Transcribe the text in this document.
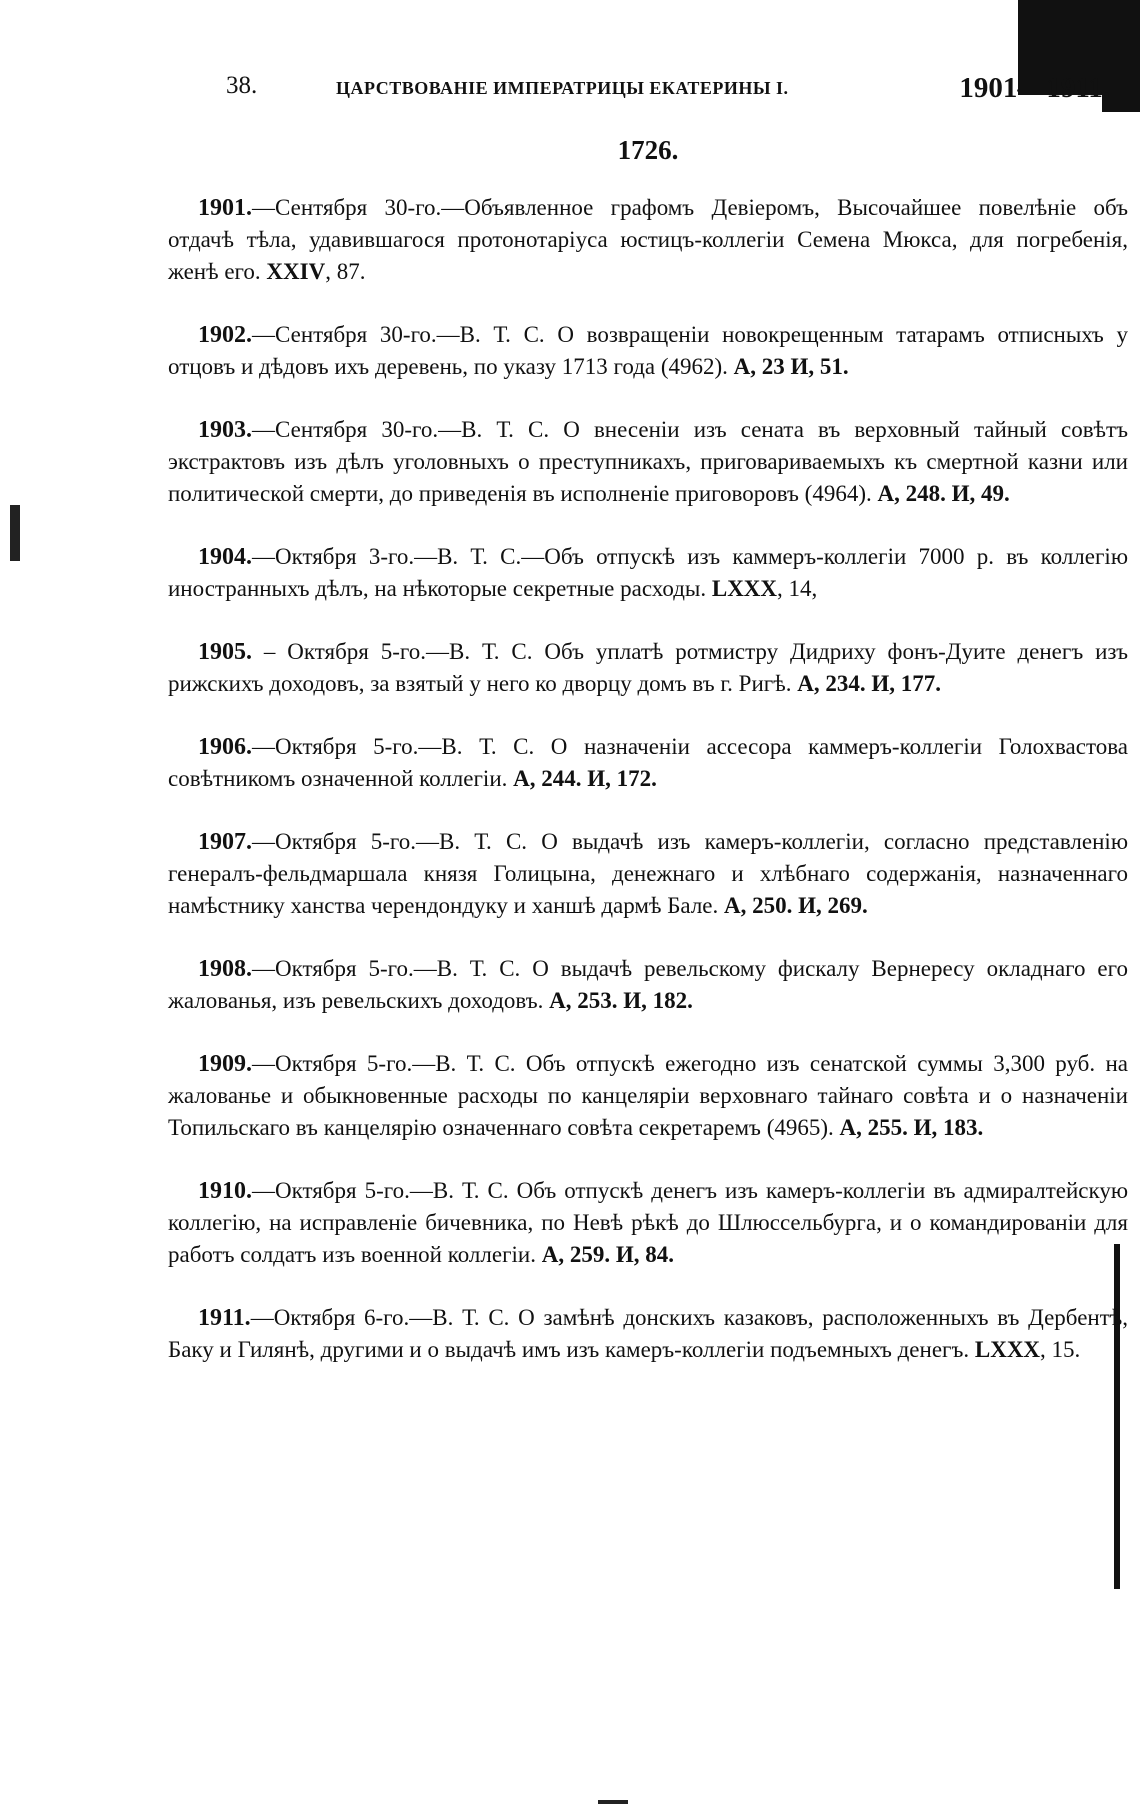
38.	ЦАРСТВОВАНІЕ ИМПЕРАТРИЦЫ ЕКАТЕРИНЫ I.	1901—1911.
1726.

1901.—Сентября 30-го.—Объявленное графомъ Девіеромъ, Высочайшее повелѣніе объ отдачѣ тѣла, удавившагося протонотаріуса юстицъ-коллегіи Семена Мюкса, для погребенія, женѣ его. XXIV, 87.

1902.—Сентября 30-го.—В. Т. С. О возвращеніи новокрещенным татарамъ отписныхъ у отцовъ и дѣдовъ ихъ деревень, по указу 1713 года (4962). А, 23 И, 51.

1903.—Сентября 30-го.—В. Т. С. О внесеніи изъ сената въ верховный тайный совѣтъ экстрактовъ изъ дѣлъ уголовныхъ о преступникахъ, приговариваемыхъ къ смертной казни или политической смерти, до приведенія въ исполненіе приговоровъ (4964). А, 248. И, 49.

1904.—Октября 3-го.—В. Т. С.—Объ отпускѣ изъ каммеръ-коллегіи 7000 р. въ коллегію иностранныхъ дѣлъ, на нѣкоторые секретные расходы. LXXX, 14,

1905. – Октября 5-го.—В. Т. С. Объ уплатѣ ротмистру Дидриху фонъ-Дуите денегъ изъ рижскихъ доходовъ, за взятый у него ко дворцу домъ въ г. Ригѣ. А, 234. И, 177.

1906.—Октября 5-го.—В. Т. С. О назначеніи ассесора каммеръ-коллегіи Голохвастова совѣтникомъ означенной коллегіи. А, 244. И, 172.

1907.—Октября 5-го.—В. Т. С. О выдачѣ изъ камеръ-коллегіи, согласно представленію генералъ-фельдмаршала князя Голицына, денежнаго и хлѣбнаго содержанія, назначеннаго намѣстнику ханства черендондуку и ханшѣ дармѣ Бале. А, 250. И, 269.

1908.—Октября 5-го.—В. Т. С. О выдачѣ ревельскому фискалу Вернересу окладнаго его жалованья, изъ ревельскихъ доходовъ. А, 253. И, 182.

1909.—Октября 5-го.—В. Т. С. Объ отпускѣ ежегодно изъ сенатской суммы 3,300 руб. на жалованье и обыкновенные расходы по канцеляріи верховнаго тайнаго совѣта и о назначеніи Топильскаго въ канцелярію означеннаго совѣта секретаремъ (4965). А, 255. И, 183.

1910.—Октября 5-го.—В. Т. С. Объ отпускѣ денегъ изъ камеръ-коллегіи въ адмиралтейскую коллегію, на исправленіе бичевника, по Невѣ рѣкѣ до Шлюссельбурга, и о командированіи для работъ солдатъ изъ военной коллегіи. А, 259. И, 84.

1911.—Октября 6-го.—В. Т. С. О замѣнѣ донскихъ казаковъ, расположенныхъ въ Дербентѣ, Баку и Гилянѣ, другими и о выдачѣ имъ изъ камеръ-коллегіи подъемныхъ денегъ. LXXX, 15.
